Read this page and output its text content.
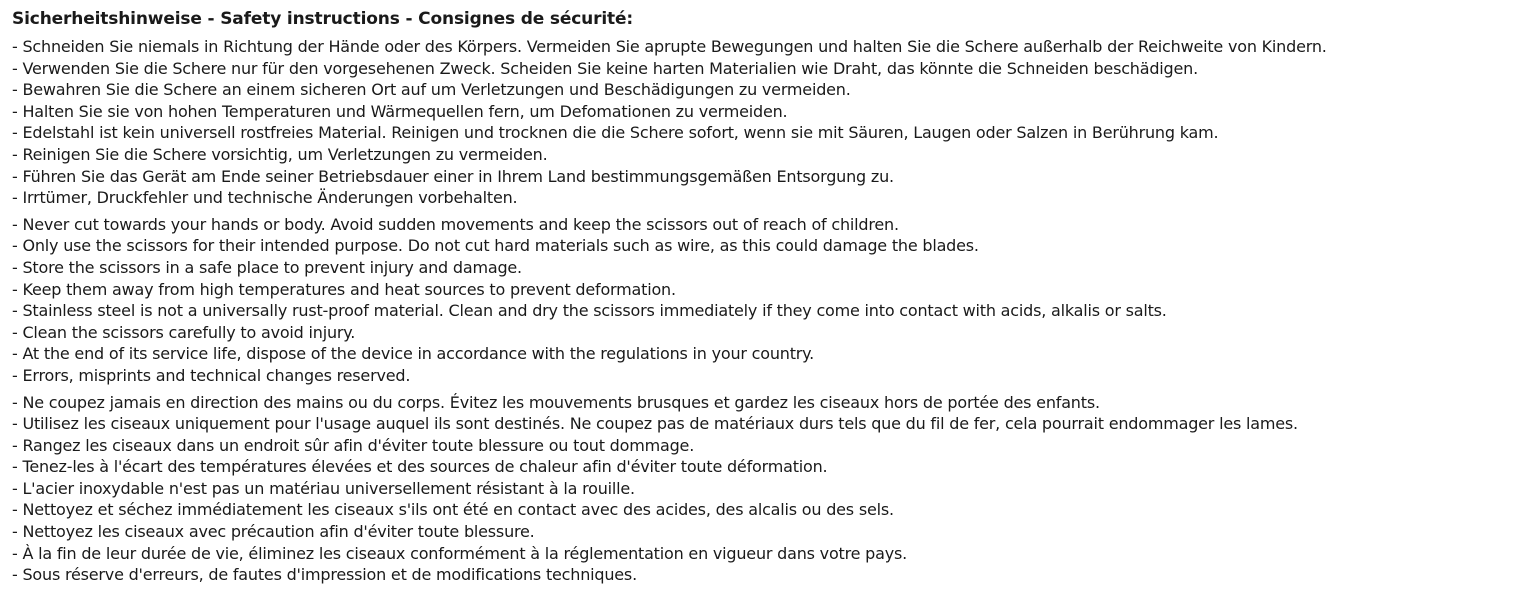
Sicherheitshinweise - Safety instructions - Consignes de sécurité:
- Schneiden Sie niemals in Richtung der Hände oder des Körpers. Vermeiden Sie aprupte Bewegungen und halten Sie die Schere außerhalb der Reichweite von Kindern.
- Verwenden Sie die Schere nur für den vorgesehenen Zweck. Scheiden Sie keine harten Materialien wie Draht, das könnte die Schneiden beschädigen.
- Bewahren Sie die Schere an einem sicheren Ort auf um Verletzungen und Beschädigungen zu vermeiden.
- Halten Sie sie von hohen Temperaturen und Wärmequellen fern, um Defomationen zu vermeiden.
- Edelstahl ist kein universell rostfreies Material. Reinigen und trocknen die die Schere sofort, wenn sie mit Säuren, Laugen oder Salzen in Berührung kam.
- Reinigen Sie die Schere vorsichtig, um Verletzungen zu vermeiden.
- Führen Sie das Gerät am Ende seiner Betriebsdauer einer in Ihrem Land bestimmungsgemäßen Entsorgung zu.
- Irrtümer, Druckfehler und technische Änderungen vorbehalten.
- Never cut towards your hands or body. Avoid sudden movements and keep the scissors out of reach of children.
- Only use the scissors for their intended purpose. Do not cut hard materials such as wire, as this could damage the blades.
- Store the scissors in a safe place to prevent injury and damage.
- Keep them away from high temperatures and heat sources to prevent deformation.
- Stainless steel is not a universally rust-proof material. Clean and dry the scissors immediately if they come into contact with acids, alkalis or salts.
- Clean the scissors carefully to avoid injury.
- At the end of its service life, dispose of the device in accordance with the regulations in your country.
- Errors, misprints and technical changes reserved.
- Ne coupez jamais en direction des mains ou du corps. Évitez les mouvements brusques et gardez les ciseaux hors de portée des enfants.
- Utilisez les ciseaux uniquement pour l'usage auquel ils sont destinés. Ne coupez pas de matériaux durs tels que du fil de fer, cela pourrait endommager les lames.
- Rangez les ciseaux dans un endroit sûr afin d'éviter toute blessure ou tout dommage.
- Tenez-les à l'écart des températures élevées et des sources de chaleur afin d'éviter toute déformation.
- L'acier inoxydable n'est pas un matériau universellement résistant à la rouille.
- Nettoyez et séchez immédiatement les ciseaux s'ils ont été en contact avec des acides, des alcalis ou des sels.
- Nettoyez les ciseaux avec précaution afin d'éviter toute blessure.
- À la fin de leur durée de vie, éliminez les ciseaux conformément à la réglementation en vigueur dans votre pays.
- Sous réserve d'erreurs, de fautes d'impression et de modifications techniques.
